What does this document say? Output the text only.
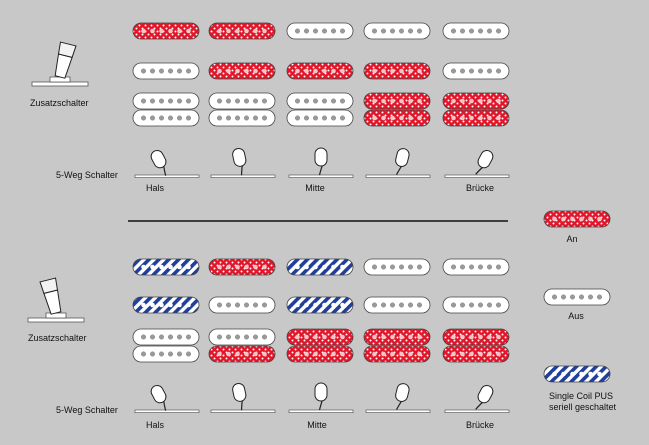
Zusatzschalter
Zusatzschalter
5-Weg Schalter
5-Weg Schalter
Hals	Mitte	Brücke
Hals	Mitte	Brücke
An
Aus
Single Coil PUS
seriell geschaltet
